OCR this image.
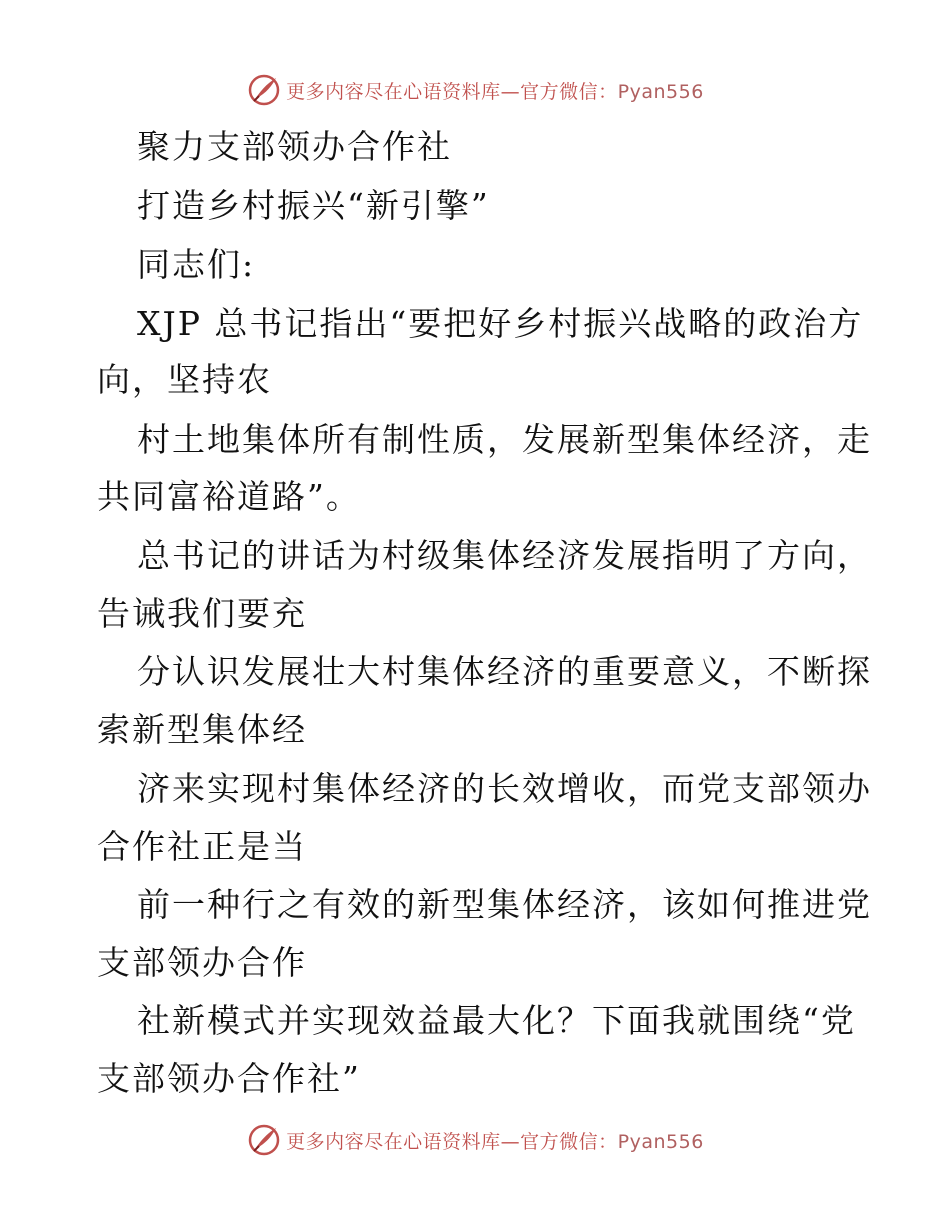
更多内容尽在心语资料库—官方微信：Pyan556
聚力支部领办合作社
打造乡村振兴“新引擎”
同志们:
XJP 总书记指出“要把好乡村振兴战略的政治方
向，坚持农
村土地集体所有制性质，发展新型集体经济，走
共同富裕道路”。
总书记的讲话为村级集体经济发展指明了方向，
告诫我们要充
分认识发展壮大村集体经济的重要意义，不断探
索新型集体经
济来实现村集体经济的长效增收，而党支部领办
合作社正是当
前一种行之有效的新型集体经济，该如何推进党
支部领办合作
社新模式并实现效益最大化？下面我就围绕“党
支部领办合作社”
更多内容尽在心语资料库—官方微信：Pyan556
